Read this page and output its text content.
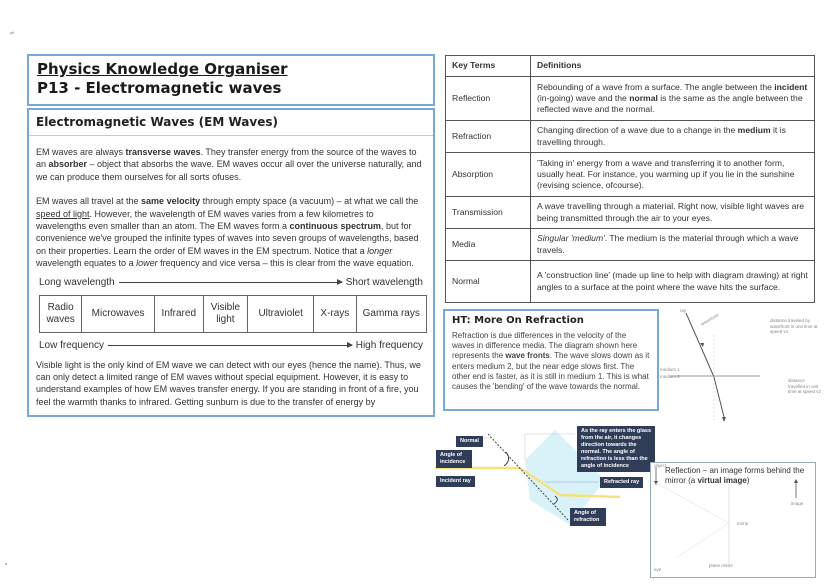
Physics Knowledge Organiser
P13 - Electromagnetic waves
Electromagnetic Waves (EM Waves)

EM waves are always transverse waves. They transfer energy from the source of the waves to an absorber – object that absorbs the wave. EM waves occur all over the universe naturally, and we can produce them ourselves for all sorts ofuses.

EM waves all travel at the same velocity through empty space (a vacuum) – at what we call the speed of light. However, the wavelength of EM waves varies from a few kilometres to wavelengths even smaller than an atom. The EM waves form a continuous spectrum, but for convenience we've grouped the infinite types of waves into seven groups of wavelengths, based on their properties. Learn the order of EM waves in the EM spectrum. Notice that a longer wavelength equates to a lower frequency and vice versa – this is clear from the wave equation.

Long wavelength	Short wavelength
Radio waves	Microwaves	Infrared	Visible light	Ultraviolet	X-rays	Gamma rays
Low frequency	High frequency

Visible light is the only kind of EM wave we can detect with our eyes (hence the name). Thus, we can only detect a limited range of EM waves without special equipment. However, it is easy to understand examples of how EM waves transfer energy. If you are standing in front of a fire, you feel the warmth thanks to infrared. Getting sunburn is due to the transfer of energy by

Key Terms	Definitions
Reflection	Rebounding of a wave from a surface. The angle between the incident (in-going) wave and the normal is the same as the angle between the reflected wave and the normal.
Refraction	Changing direction of a wave due to a change in the medium it is travelling through.
Absorption	'Taking in' energy from a wave and transferring it to another form, usually heat. For instance, you warming up if you lie in the sunshine (revising science, ofcourse).
Transmission	A wave travelling through a material. Right now, visible light waves are being transmitted through the air to your eyes.
Media	Singular 'medium'. The medium is the material through which a wave travels.
Normal	A 'construction line' (made up line to help with diagram drawing) at right angles to a surface at the point where the wave hits the surface.
HT: More On Refraction
Refraction is due differences in the velocity of the waves in difference media. The diagram shown here represents the wave fronts. The wave slows down as it enters medium 2, but the near edge slows first. The other end is faster, as it is still in medium 1. This is what causes the 'bending' of the wave towards the normal.
ray
wavefront
medium 1
medium 2
distance traveled by wavefront in unit time at speed v1
distance travelled in unit time at speed v2
Normal
Angle of incidence
Incident ray	Refracted ray
Angle of refraction
As the ray enters the glass from the air, it changes direction towards the normal. The angle of refraction is less than the angle of incidence	Reflection – an image forms behind the mirror (a virtual image)
object
image
mirror
plane mirror
eye
